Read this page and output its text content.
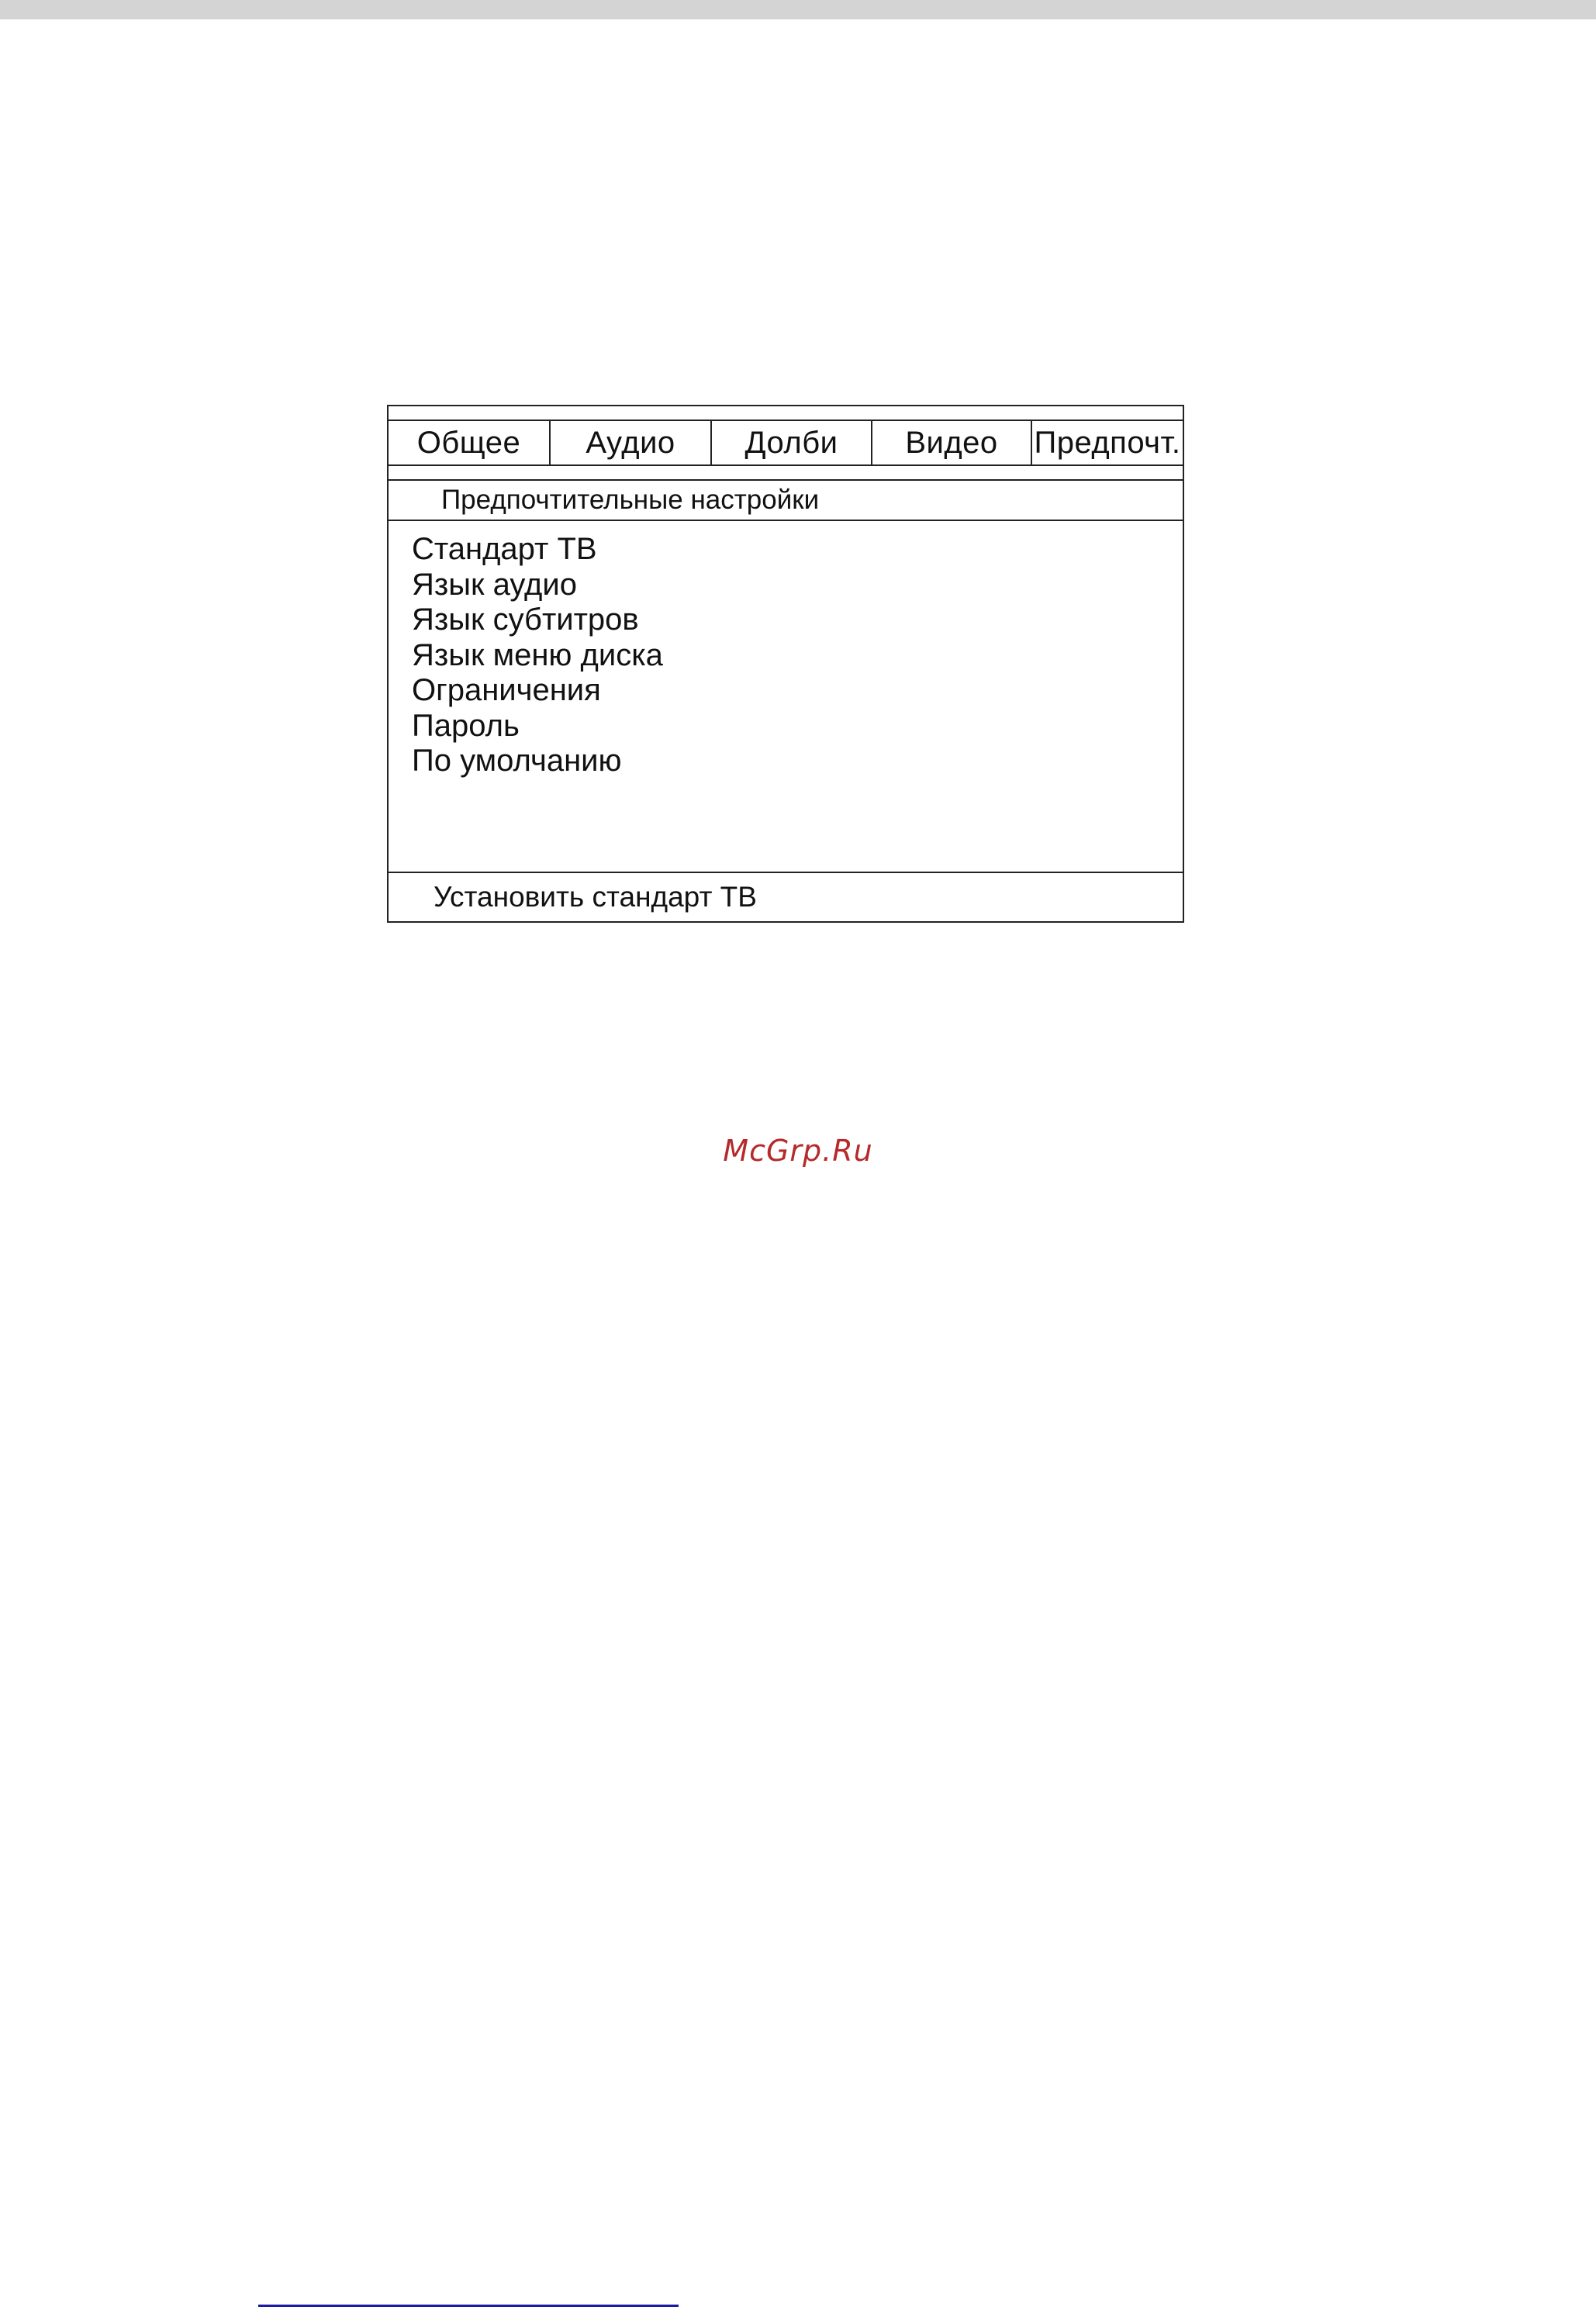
Общее	Аудио	Долби	Видео	Предпочт.
Предпочтительные настройки
Стандарт ТВ
Язык аудио
Язык субтитров
Язык меню диска
Ограничения
Пароль
По умолчанию
Установить стандарт ТВ
McGrp.Ru
